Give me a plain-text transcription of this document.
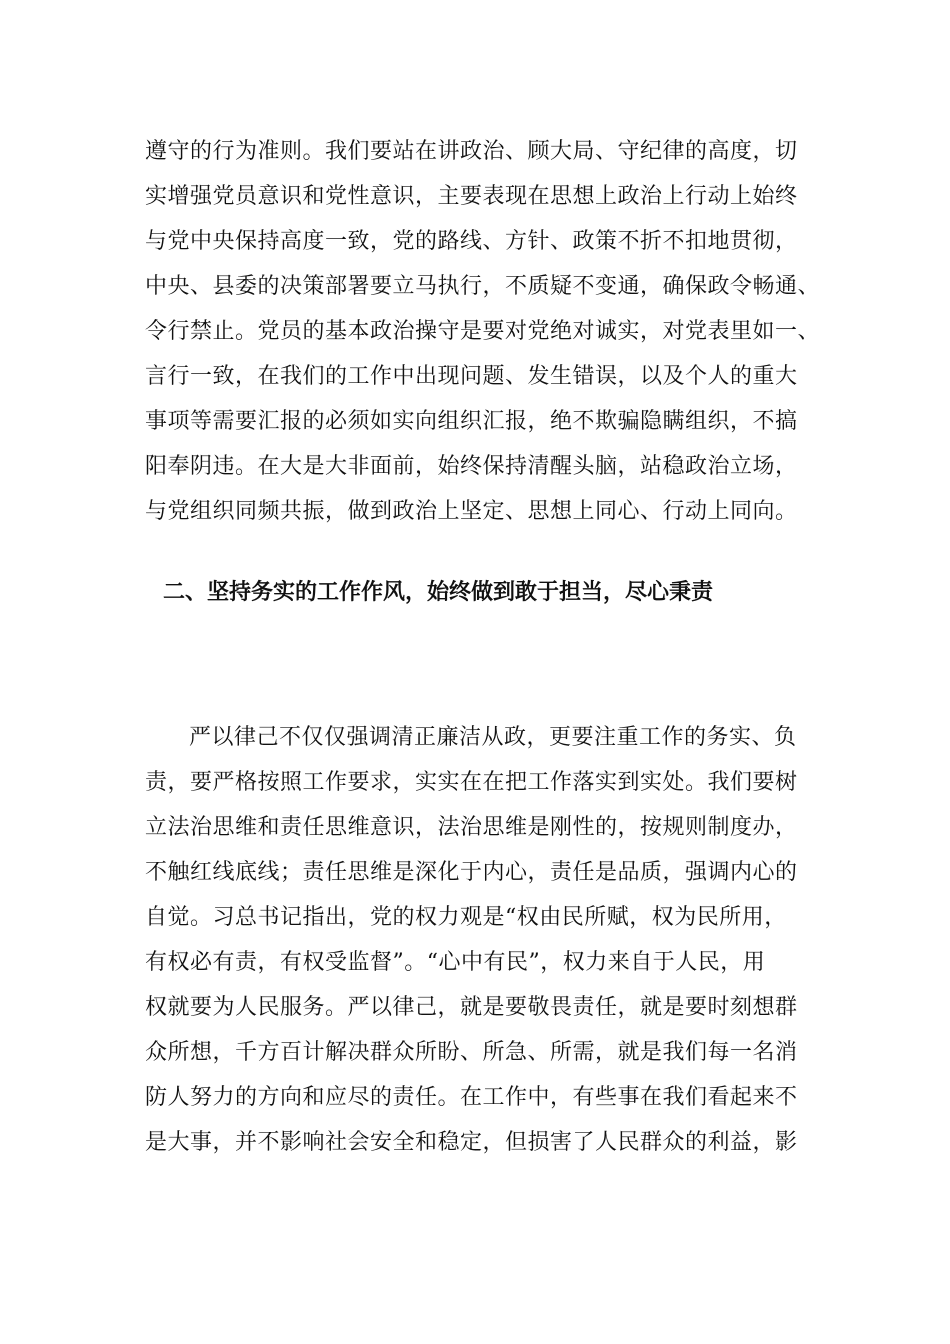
遵守的行为准则。我们要站在讲政治、顾大局、守纪律的高度，切
实增强党员意识和党性意识，主要表现在思想上政治上行动上始终
与党中央保持高度一致，党的路线、方针、政策不折不扣地贯彻，
中央、县委的决策部署要立马执行，不质疑不变通，确保政令畅通、
令行禁止。党员的基本政治操守是要对党绝对诚实，对党表里如一、
言行一致，在我们的工作中出现问题、发生错误，以及个人的重大
事项等需要汇报的必须如实向组织汇报，绝不欺骗隐瞒组织，不搞
阳奉阴违。在大是大非面前，始终保持清醒头脑，站稳政治立场，
与党组织同频共振，做到政治上坚定、思想上同心、行动上同向。
二、坚持务实的工作作风，始终做到敢于担当，尽心秉责
严以律己不仅仅强调清正廉洁从政，更要注重工作的务实、负
责，要严格按照工作要求，实实在在把工作落实到实处。我们要树
立法治思维和责任思维意识，法治思维是刚性的，按规则制度办，
不触红线底线；责任思维是深化于内心，责任是品质，强调内心的
自觉。习总书记指出，党的权力观是“权由民所赋，权为民所用，
有权必有责，有权受监督”。“心中有民”，权力来自于人民，用
权就要为人民服务。严以律己，就是要敬畏责任，就是要时刻想群
众所想，千方百计解决群众所盼、所急、所需，就是我们每一名消
防人努力的方向和应尽的责任。在工作中，有些事在我们看起来不
是大事，并不影响社会安全和稳定，但损害了人民群众的利益，影
